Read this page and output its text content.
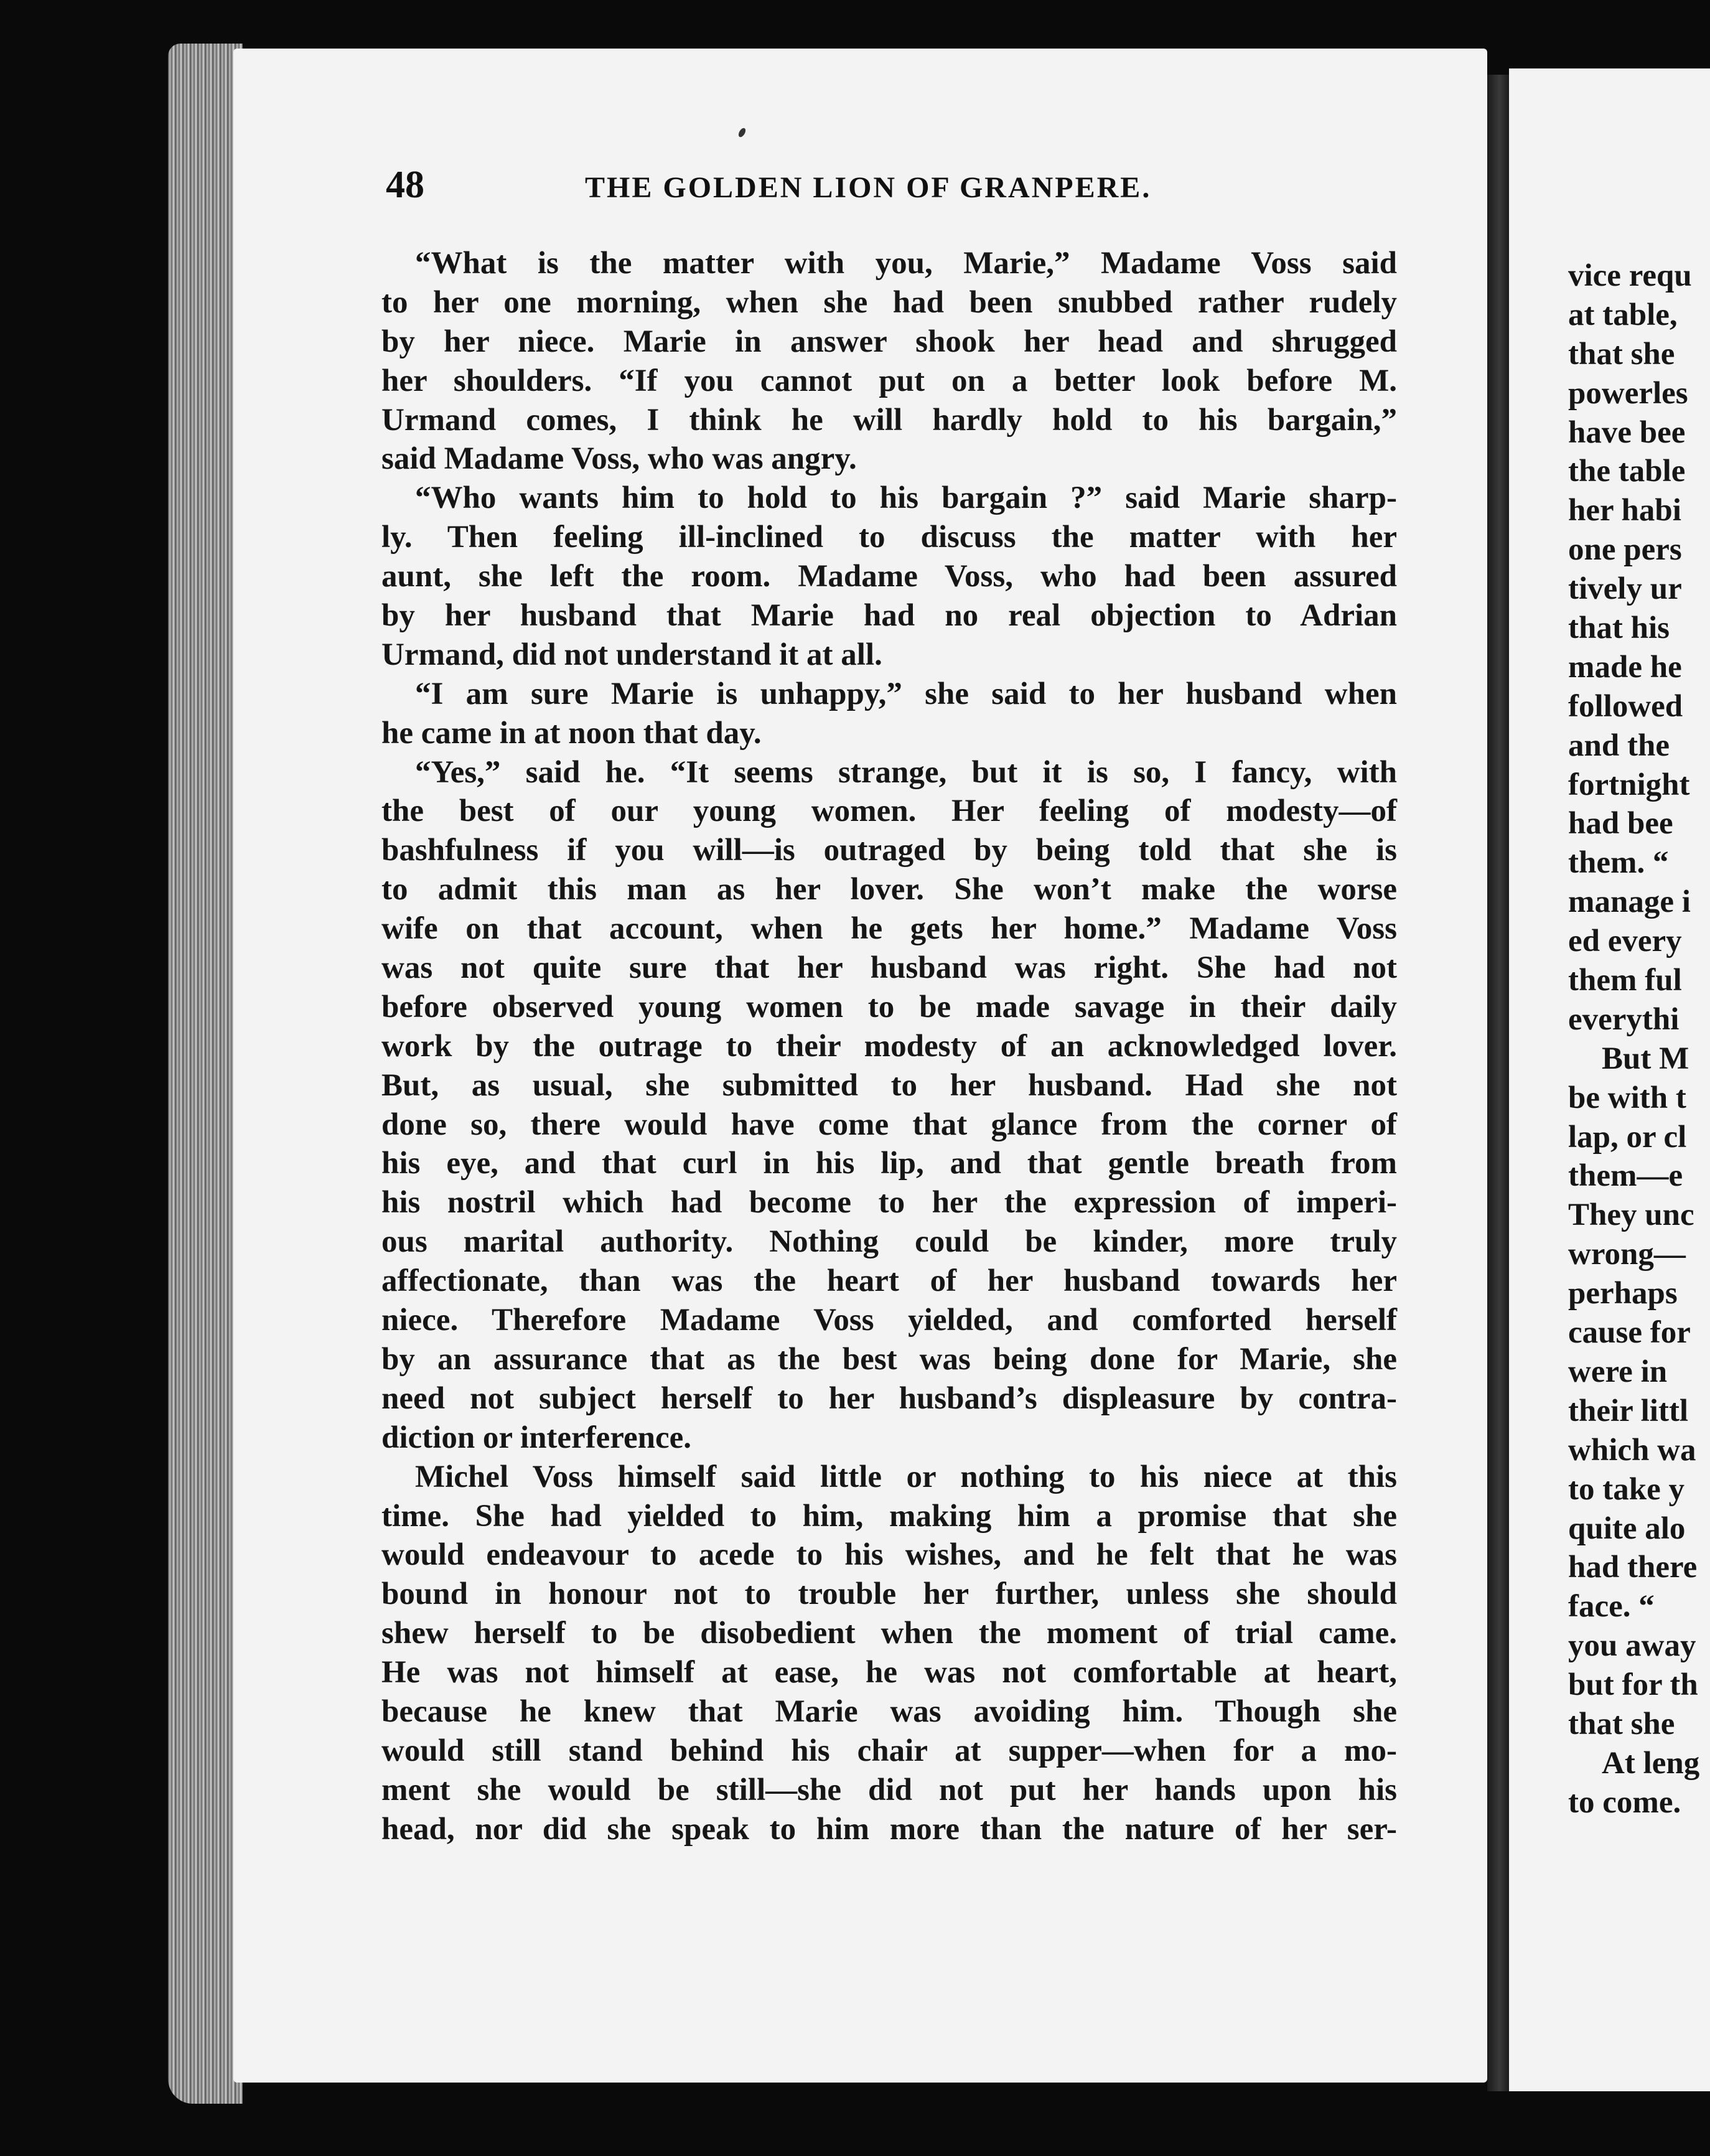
vice requ
at table,
that she
powerles
have bee
the table
her habi
one pers
tively ur
that his
made he
followed
and the
fortnight
had bee
them. “
manage i
ed every
them ful
everythi
But M
be with t
lap, or cl
them—e
They unc
wrong—
perhaps
cause for
were in
their littl
which wa
to take y
quite alo
had there
face. “
you away
but for th
that she
At leng
to come.
48	THE GOLDEN LION OF GRANPERE.
“What is the matter with you, Marie,” Madame Voss said
to her one morning, when she had been snubbed rather rudely
by her niece. Marie in answer shook her head and shrugged
her shoulders. “If you cannot put on a better look before M.
Urmand comes, I think he will hardly hold to his bargain,”
said Madame Voss, who was angry.
“Who wants him to hold to his bargain ?” said Marie sharp-
ly. Then feeling ill-inclined to discuss the matter with her
aunt, she left the room. Madame Voss, who had been assured
by her husband that Marie had no real objection to Adrian
Urmand, did not understand it at all.
“I am sure Marie is unhappy,” she said to her husband when
he came in at noon that day.
“Yes,” said he. “It seems strange, but it is so, I fancy, with
the best of our young women. Her feeling of modesty—of
bashfulness if you will—is outraged by being told that she is
to admit this man as her lover. She won’t make the worse
wife on that account, when he gets her home.” Madame Voss
was not quite sure that her husband was right. She had not
before observed young women to be made savage in their daily
work by the outrage to their modesty of an acknowledged lover.
But, as usual, she submitted to her husband. Had she not
done so, there would have come that glance from the corner of
his eye, and that curl in his lip, and that gentle breath from
his nostril which had become to her the expression of imperi-
ous marital authority. Nothing could be kinder, more truly
affectionate, than was the heart of her husband towards her
niece. Therefore Madame Voss yielded, and comforted herself
by an assurance that as the best was being done for Marie, she
need not subject herself to her husband’s displeasure by contra-
diction or interference.
Michel Voss himself said little or nothing to his niece at this
time. She had yielded to him, making him a promise that she
would endeavour to acede to his wishes, and he felt that he was
bound in honour not to trouble her further, unless she should
shew herself to be disobedient when the moment of trial came.
He was not himself at ease, he was not comfortable at heart,
because he knew that Marie was avoiding him. Though she
would still stand behind his chair at supper—when for a mo-
ment she would be still—she did not put her hands upon his
head, nor did she speak to him more than the nature of her ser-
